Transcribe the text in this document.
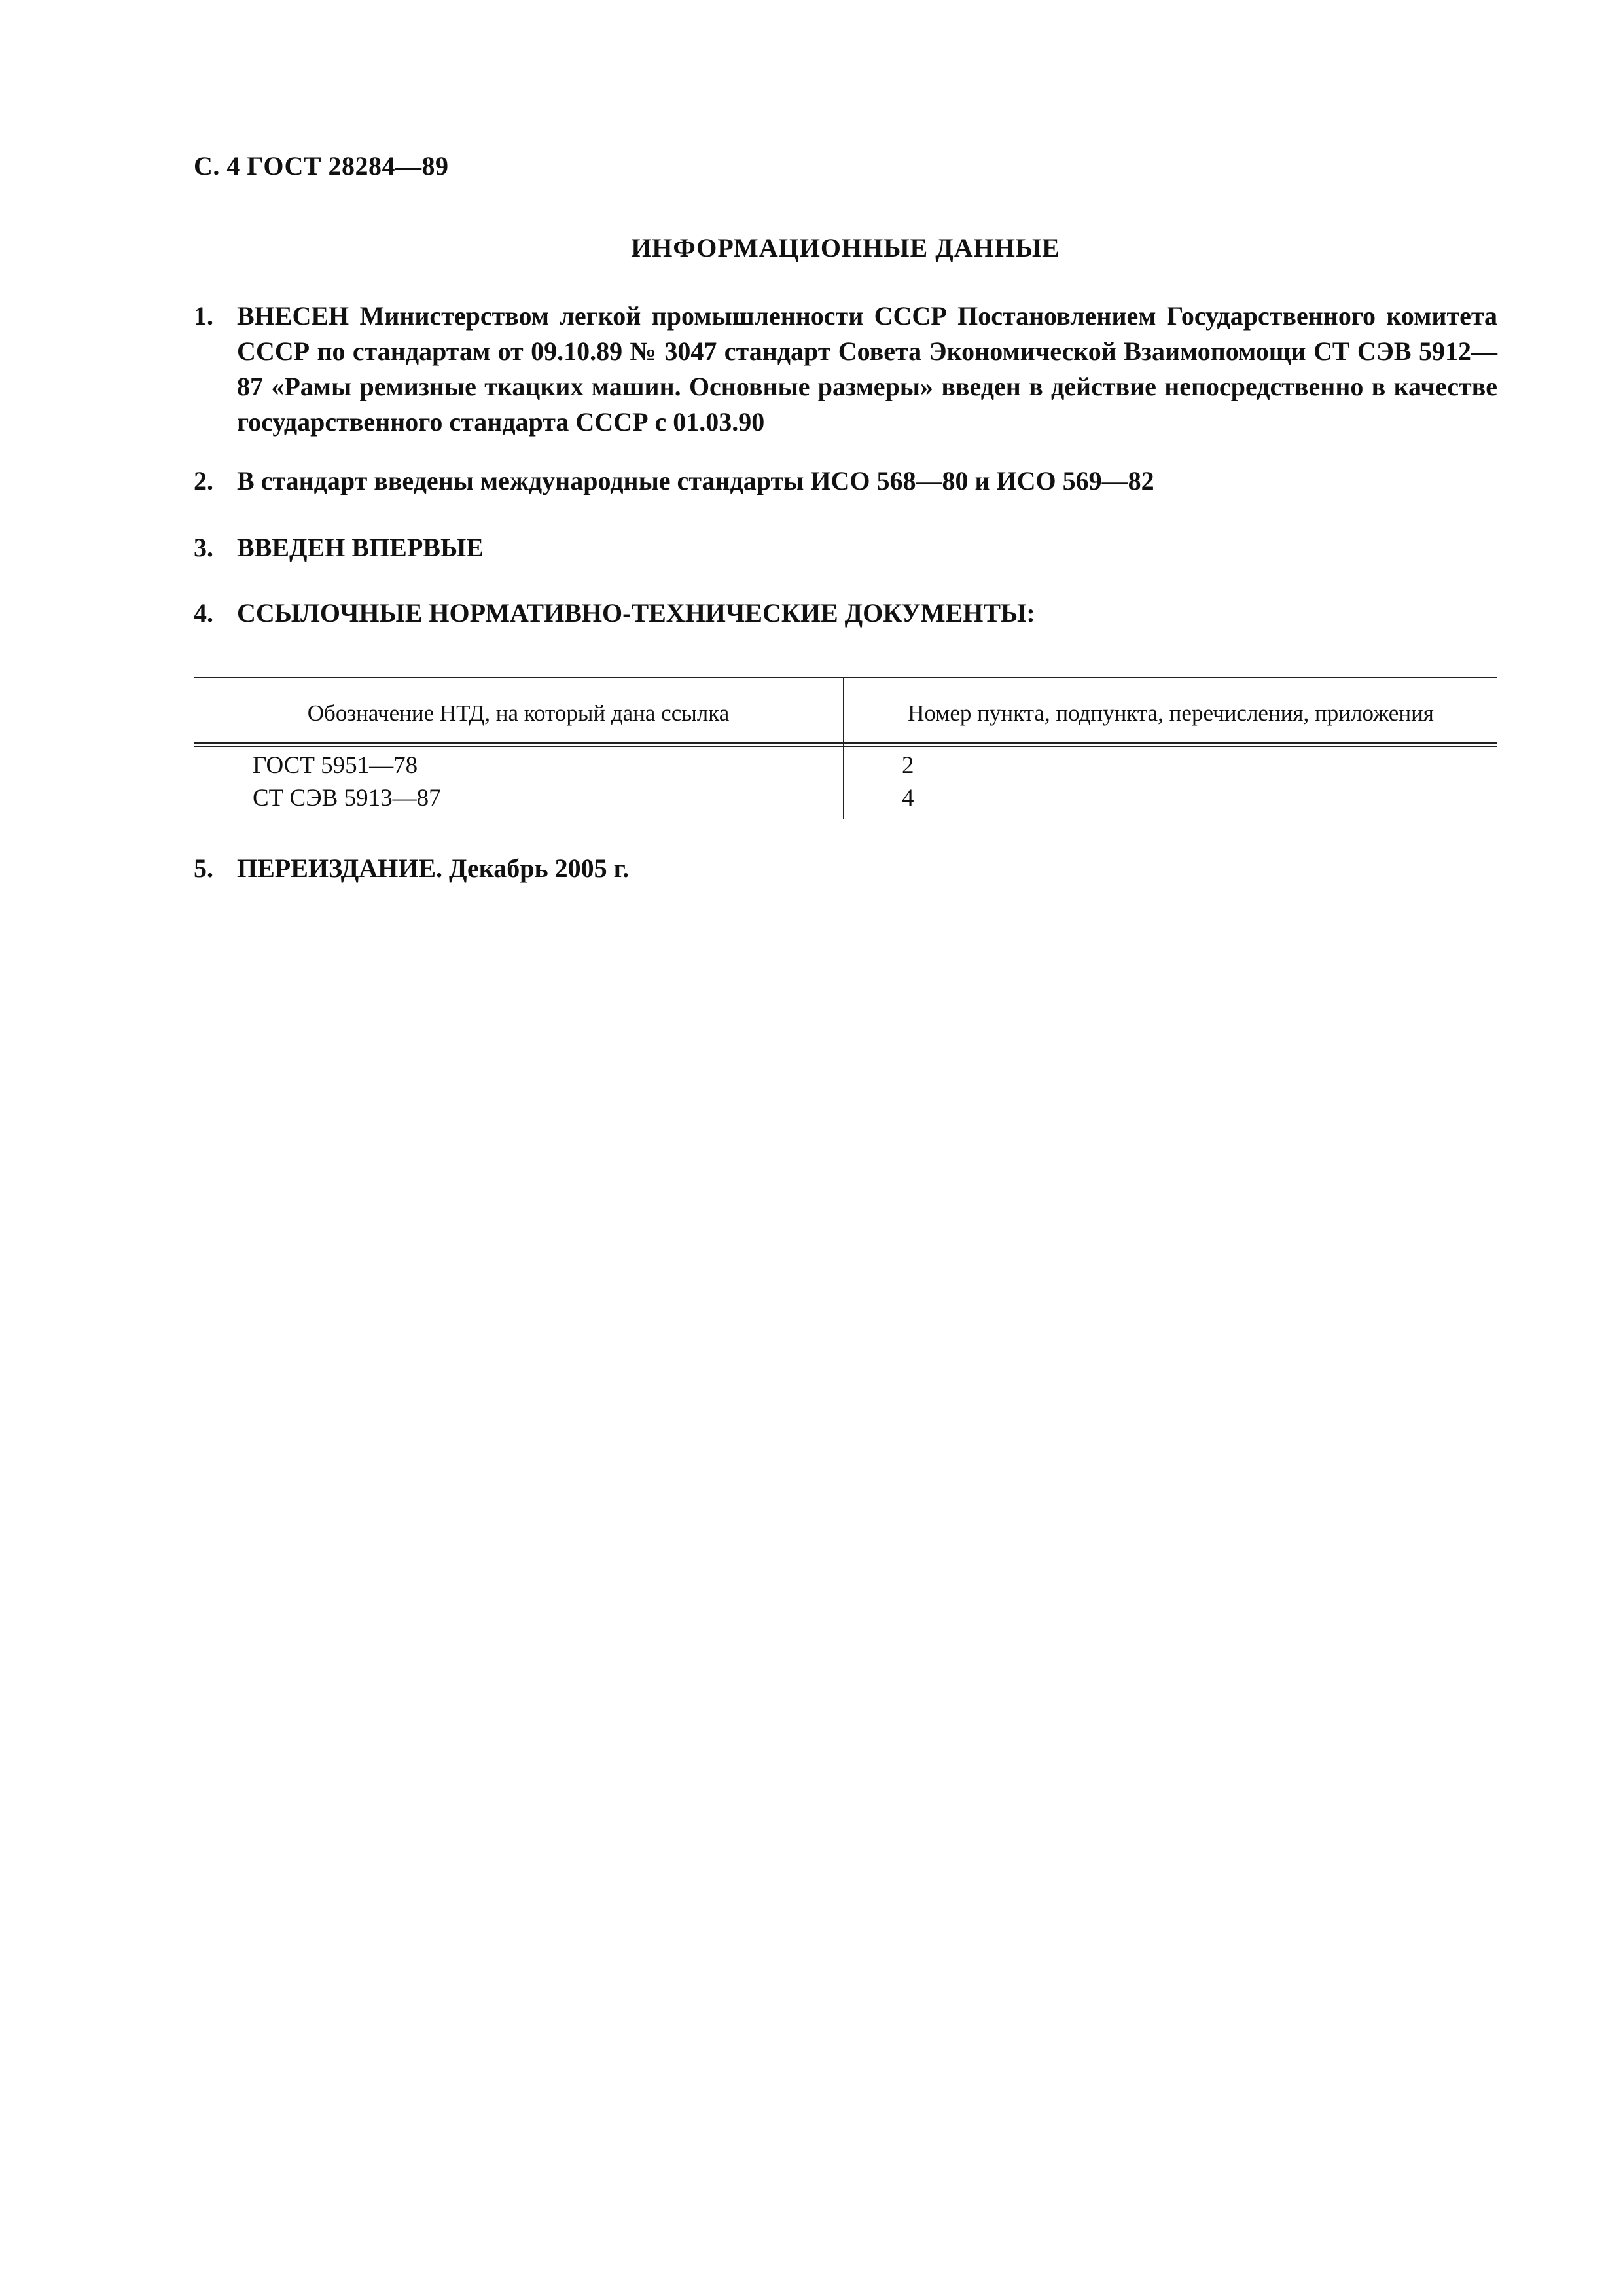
С. 4 ГОСТ 28284—89
ИНФОРМАЦИОННЫЕ ДАННЫЕ
1. ВНЕСЕН Министерством легкой промышленности СССР Постановлением Государственного комитета СССР по стандартам от 09.10.89 № 3047 стандарт Совета Экономической Взаимопомощи СТ СЭВ 5912—87 «Рамы ремизные ткацких машин. Основные размеры» введен в действие непосредственно в качестве государственного стандарта СССР с 01.03.90
2. В стандарт введены международные стандарты ИСО 568—80 и ИСО 569—82
3. ВВЕДЕН ВПЕРВЫЕ
4. ССЫЛОЧНЫЕ НОРМАТИВНО-ТЕХНИЧЕСКИЕ ДОКУМЕНТЫ:
Обозначение НТД, на который дана ссылка	Номер пункта, подпункта, перечисления, приложения
ГОСТ 5951—78	2
СТ СЭВ 5913—87	4
5. ПЕРЕИЗДАНИЕ. Декабрь 2005 г.
